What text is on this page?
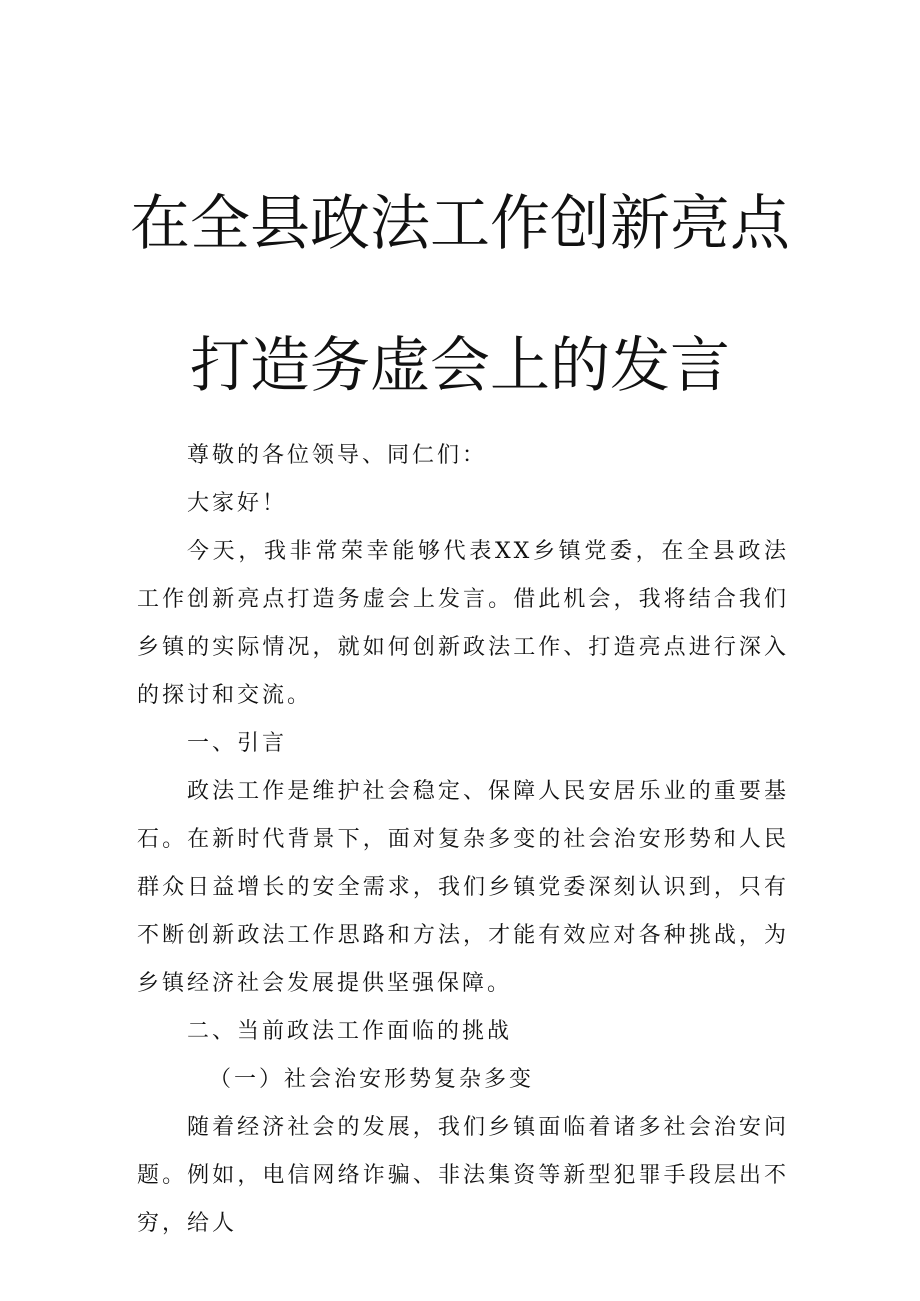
在全县政法工作创新亮点
打造务虚会上的发言

尊敬的各位领导、同仁们：

大家好！

今天，我非常荣幸能够代表XX乡镇党委，在全县政法工作创新亮点打造务虚会上发言。借此机会，我将结合我们乡镇的实际情况，就如何创新政法工作、打造亮点进行深入的探讨和交流。

一、引言

政法工作是维护社会稳定、保障人民安居乐业的重要基石。在新时代背景下，面对复杂多变的社会治安形势和人民群众日益增长的安全需求，我们乡镇党委深刻认识到，只有不断创新政法工作思路和方法，才能有效应对各种挑战，为乡镇经济社会发展提供坚强保障。

二、当前政法工作面临的挑战

（一）社会治安形势复杂多变

随着经济社会的发展，我们乡镇面临着诸多社会治安问题。例如，电信网络诈骗、非法集资等新型犯罪手段层出不穷，给人
